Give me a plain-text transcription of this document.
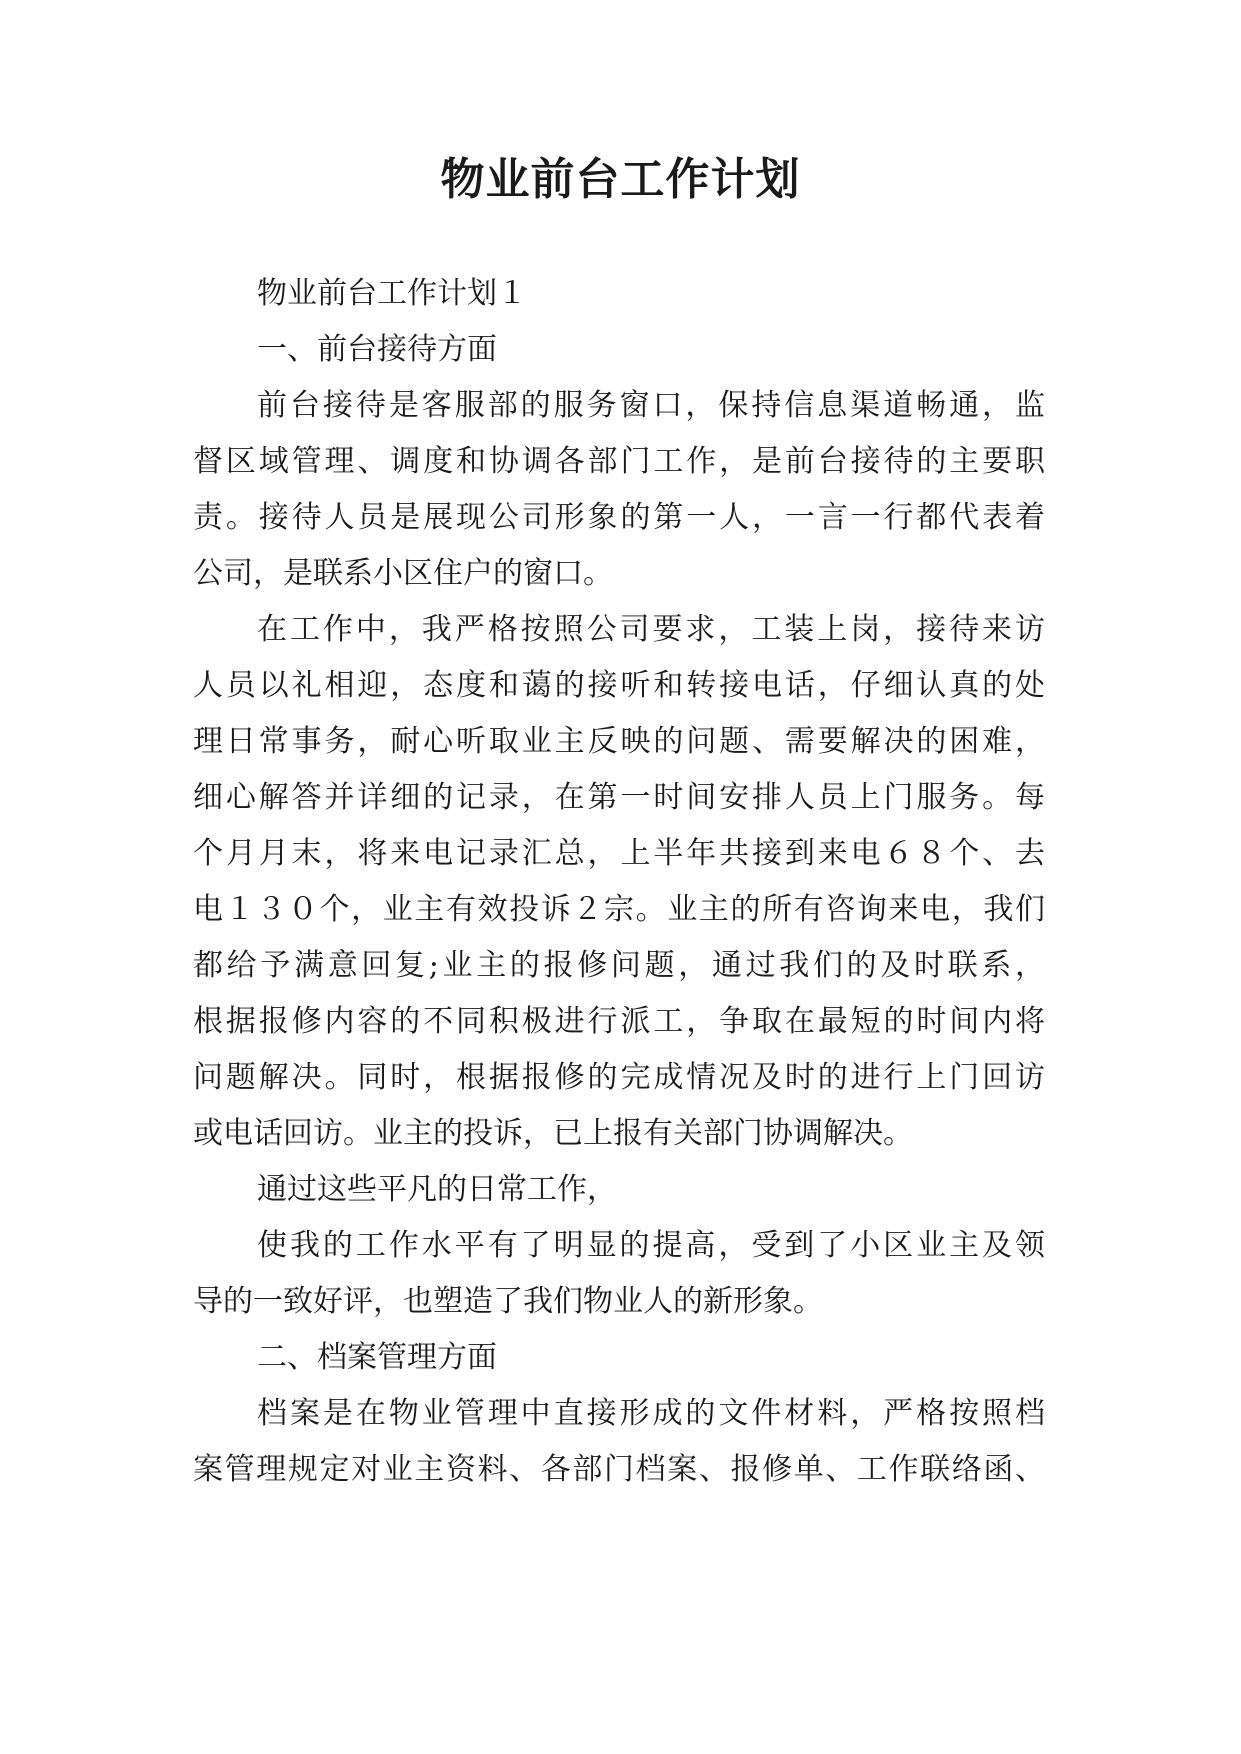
物业前台工作计划
物业前台工作计划１
一、前台接待方面
前台接待是客服部的服务窗口，保持信息渠道畅通，监
督区域管理、调度和协调各部门工作，是前台接待的主要职
责。接待人员是展现公司形象的第一人，一言一行都代表着
公司，是联系小区住户的窗口。
在工作中，我严格按照公司要求，工装上岗，接待来访
人员以礼相迎，态度和蔼的接听和转接电话，仔细认真的处
理日常事务，耐心听取业主反映的问题、需要解决的困难，
细心解答并详细的记录，在第一时间安排人员上门服务。每
个月月末，将来电记录汇总，上半年共接到来电６８个、去
电１３０个，业主有效投诉２宗。业主的所有咨询来电，我们
都给予满意回复;业主的报修问题，通过我们的及时联系，
根据报修内容的不同积极进行派工，争取在最短的时间内将
问题解决。同时，根据报修的完成情况及时的进行上门回访
或电话回访。业主的投诉，已上报有关部门协调解决。
通过这些平凡的日常工作，
使我的工作水平有了明显的提高，受到了小区业主及领
导的一致好评，也塑造了我们物业人的新形象。
二、档案管理方面
档案是在物业管理中直接形成的文件材料，严格按照档
案管理规定对业主资料、各部门档案、报修单、工作联络函、
